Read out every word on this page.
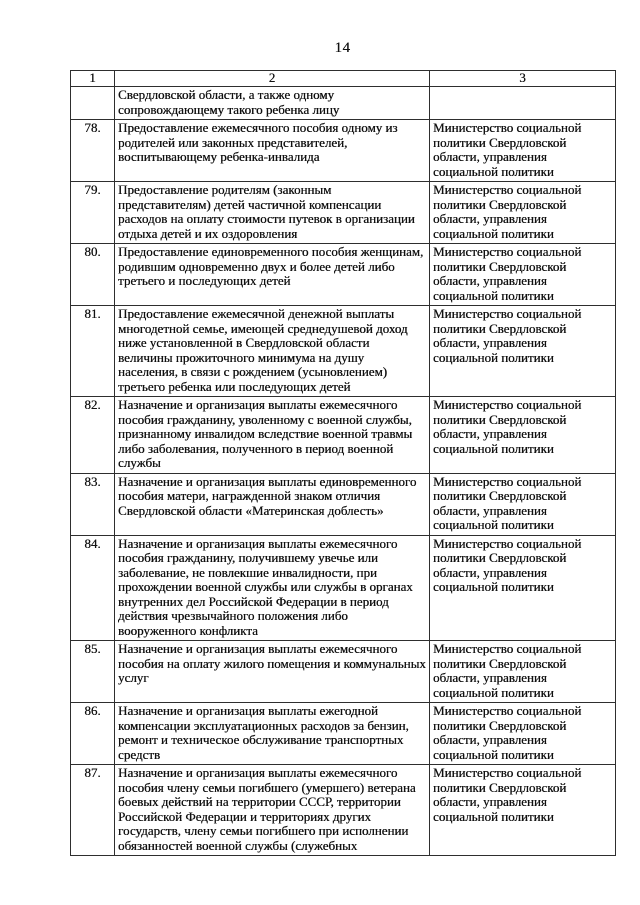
14
1	2	3
	Свердловской области, а также одному сопровождающему такого ребенка лицу	
78.	Предоставление ежемесячного пособия одному из родителей или законных представителей, воспитывающему ребенка-инвалида	Министерство социальной политики Свердловской области, управления социальной политики
79.	Предоставление родителям (законным представителям) детей частичной компенсации расходов на оплату стоимости путевок в организации отдыха детей и их оздоровления	Министерство социальной политики Свердловской области, управления социальной политики
80.	Предоставление единовременного пособия женщинам, родившим одновременно двух и более детей либо третьего и последующих детей	Министерство социальной политики Свердловской области, управления социальной политики
81.	Предоставление ежемесячной денежной выплаты многодетной семье, имеющей среднедушевой доход ниже установленной в Свердловской области величины прожиточного минимума на душу населения, в связи с рождением (усыновлением) третьего ребенка или последующих детей	Министерство социальной политики Свердловской области, управления социальной политики
82.	Назначение и организация выплаты ежемесячного пособия гражданину, уволенному с военной службы, признанному инвалидом вследствие военной травмы либо заболевания, полученного в период военной службы	Министерство социальной политики Свердловской области, управления социальной политики
83.	Назначение и организация выплаты единовременного пособия матери, награжденной знаком отличия Свердловской области «Материнская доблесть»	Министерство социальной политики Свердловской области, управления социальной политики
84.	Назначение и организация выплаты ежемесячного пособия гражданину, получившему увечье или заболевание, не повлекшие инвалидности, при прохождении военной службы или службы в органах внутренних дел Российской Федерации в период действия чрезвычайного положения либо вооруженного конфликта	Министерство социальной политики Свердловской области, управления социальной политики
85.	Назначение и организация выплаты ежемесячного пособия на оплату жилого помещения и коммунальных услуг	Министерство социальной политики Свердловской области, управления социальной политики
86.	Назначение и организация выплаты ежегодной компенсации эксплуатационных расходов за бензин, ремонт и техническое обслуживание транспортных средств	Министерство социальной политики Свердловской области, управления социальной политики
87.	Назначение и организация выплаты ежемесячного пособия члену семьи погибшего (умершего) ветерана боевых действий на территории СССР, территории Российской Федерации и территориях других государств, члену семьи погибшего при исполнении обязанностей военной службы (служебных	Министерство социальной политики Свердловской области, управления социальной политики
